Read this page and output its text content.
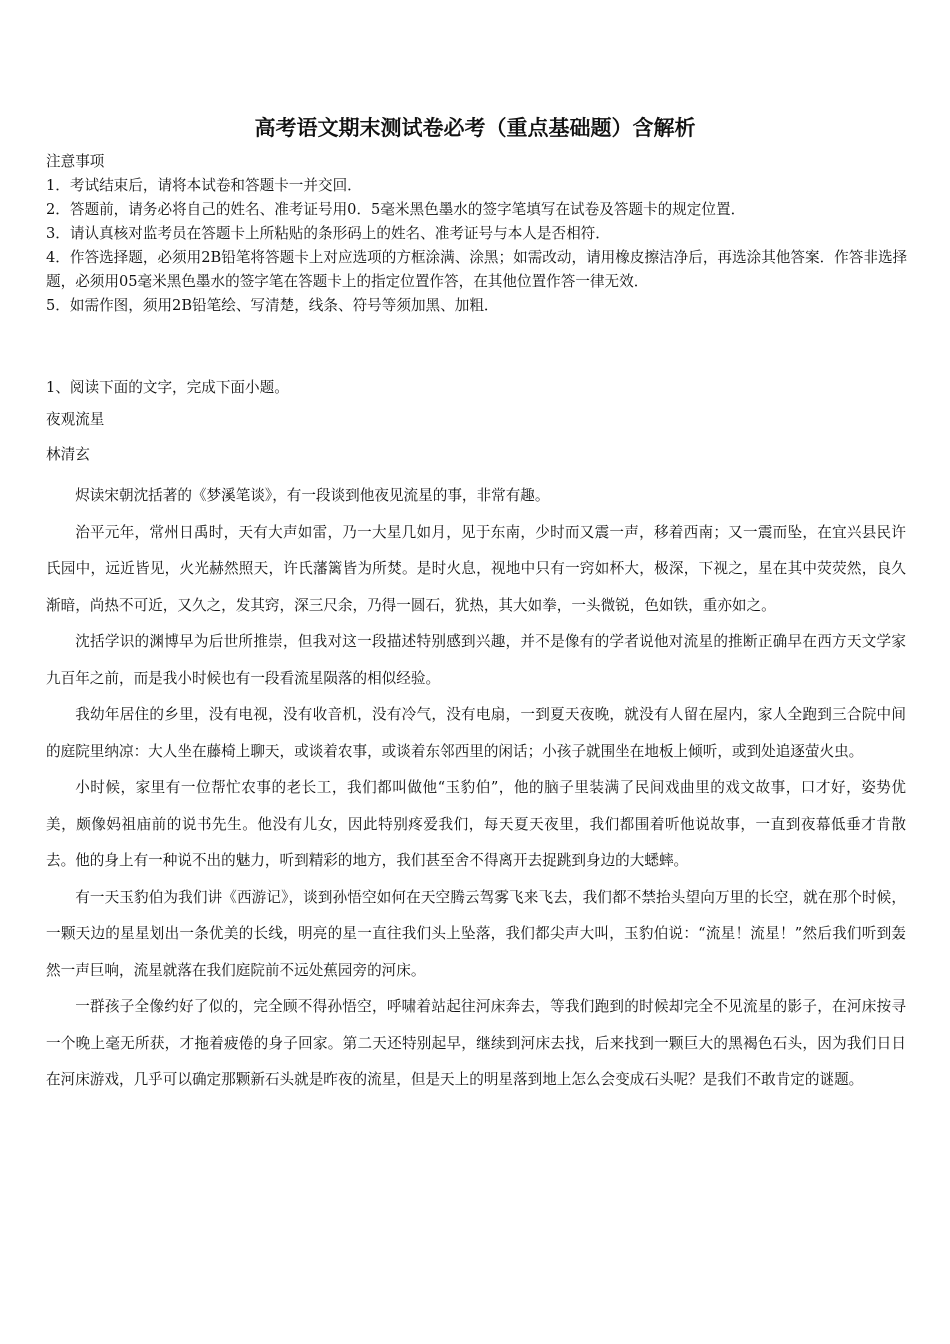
高考语文期末测试卷必考（重点基础题）含解析
注意事项
1．考试结束后，请将本试卷和答题卡一并交回．
2．答题前，请务必将自己的姓名、准考证号用0．5毫米黑色墨水的签字笔填写在试卷及答题卡的规定位置．
3．请认真核对监考员在答题卡上所粘贴的条形码上的姓名、准考证号与本人是否相符．
4．作答选择题，必须用2B铅笔将答题卡上对应选项的方框涂满、涂黑；如需改动，请用橡皮擦洁净后，再选涂其他答案．作答非选择题，必须用05毫米黑色墨水的签字笔在答题卡上的指定位置作答，在其他位置作答一律无效．
5．如需作图，须用2B铅笔绘、写清楚，线条、符号等须加黑、加粗．
1、阅读下面的文字，完成下面小题。
夜观流星
林清玄

烬读宋朝沈括著的《梦溪笔谈》，有一段谈到他夜见流星的事，非常有趣。

治平元年，常州日禹时，天有大声如雷，乃一大星几如月，见于东南，少时而又震一声，移着西南；又一震而坠，在宜兴县民许氏园中，远近皆见，火光赫然照天，许氏藩篱皆为所焚。是时火息，视地中只有一窍如杯大，极深，下视之，星在其中荧荧然，良久渐暗，尚热不可近，又久之，发其窍，深三尺余，乃得一圆石，犹热，其大如拳，一头微锐，色如铁，重亦如之。

沈括学识的渊博早为后世所推崇，但我对这一段描述特别感到兴趣，并不是像有的学者说他对流星的推断正确早在西方天文学家九百年之前，而是我小时候也有一段看流星陨落的相似经验。

我幼年居住的乡里，没有电视，没有收音机，没有冷气，没有电扇，一到夏天夜晚，就没有人留在屋内，家人全跑到三合院中间的庭院里纳凉：大人坐在藤椅上聊天，或谈着农事，或谈着东邻西里的闲话；小孩子就围坐在地板上倾听，或到处追逐萤火虫。

小时候，家里有一位帮忙农事的老长工，我们都叫做他“玉豹伯”，他的脑子里装满了民间戏曲里的戏文故事，口才好，姿势优美，颇像妈祖庙前的说书先生。他没有儿女，因此特别疼爱我们，每天夏天夜里，我们都围着听他说故事，一直到夜幕低垂才肯散去。他的身上有一种说不出的魅力，听到精彩的地方，我们甚至舍不得离开去捉跳到身边的大蟋蟀。

有一天玉豹伯为我们讲《西游记》，谈到孙悟空如何在天空腾云驾雾飞来飞去，我们都不禁抬头望向万里的长空，就在那个时候，一颗天边的星星划出一条优美的长线，明亮的星一直往我们头上坠落，我们都尖声大叫，玉豹伯说：“流星！流星！”然后我们听到轰然一声巨响，流星就落在我们庭院前不远处蕉园旁的河床。

一群孩子全像约好了似的，完全顾不得孙悟空，呼啸着站起往河床奔去，等我们跑到的时候却完全不见流星的影子，在河床按寻一个晚上毫无所获，才拖着疲倦的身子回家。第二天还特别起早，继续到河床去找，后来找到一颗巨大的黑褐色石头，因为我们日日在河床游戏，几乎可以确定那颗新石头就是昨夜的流星，但是天上的明星落到地上怎么会变成石头呢？是我们不敢肯定的谜题。
